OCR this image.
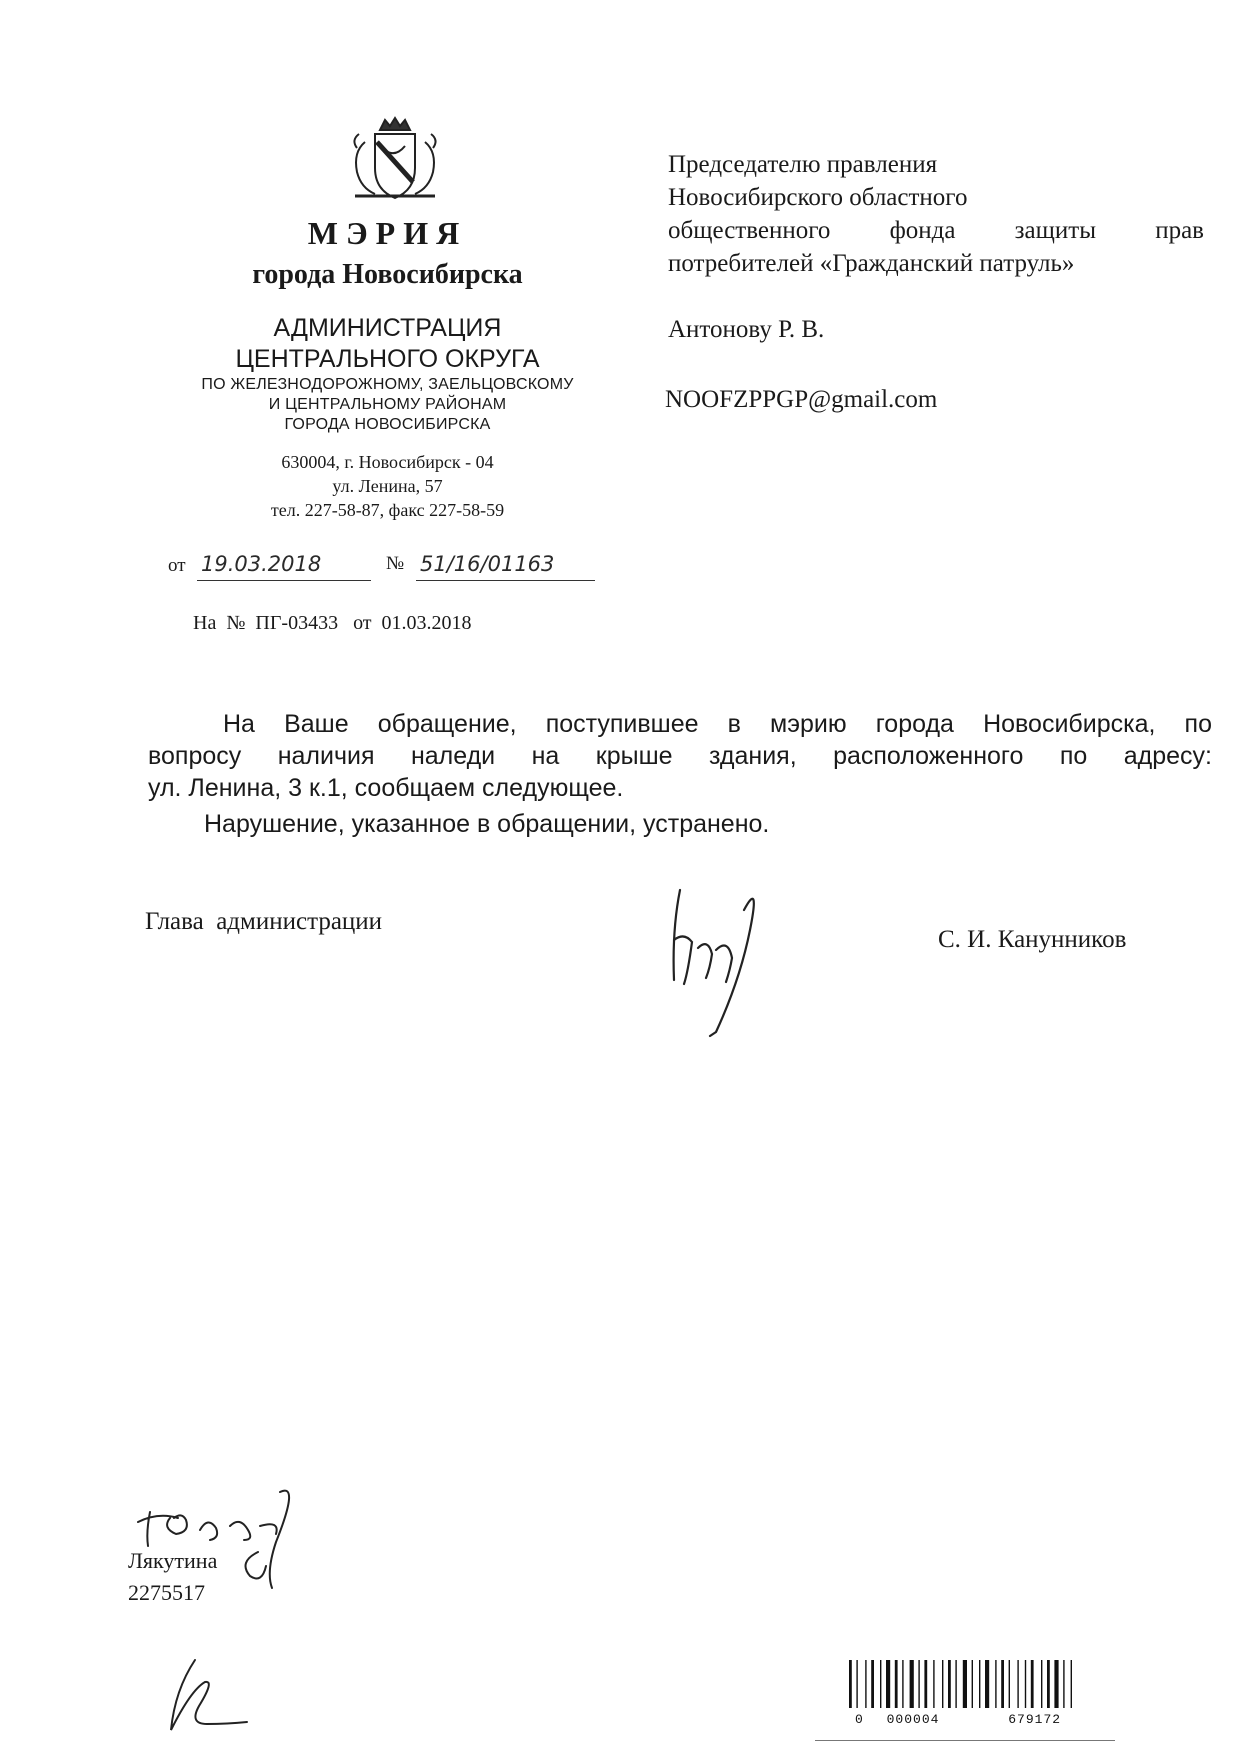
МЭРИЯ
города Новосибирска
АДМИНИСТРАЦИЯ
ЦЕНТРАЛЬНОГО ОКРУГА
ПО ЖЕЛЕЗНОДОРОЖНОМУ, ЗАЕЛЬЦОВСКОМУ
И ЦЕНТРАЛЬНОМУ РАЙОНАМ
ГОРОДА НОВОСИБИРСКА
630004, г. Новосибирск - 04
ул. Ленина, 57
тел. 227-58-87, факс 227-58-59
от 19.03.2018	№ 51/16/01163
На  №  ПГ-03433   от  01.03.2018
Председателю правления
Новосибирского областного
общественного фонда защиты прав
потребителей «Гражданский патруль»
Антонову Р. В.
NOOFZPPGP@gmail.com

На Ваше обращение, поступившее в мэрию города Новосибирска, по
вопросу наличия наледи на крыше здания, расположенного по адресу:
ул. Ленина, 3 к.1, сообщаем следующее.

Нарушение, указанное в обращении, устранено.

Глава  администрации
С. И. Канунников
Лякутина
2275517
0 000004	679172
